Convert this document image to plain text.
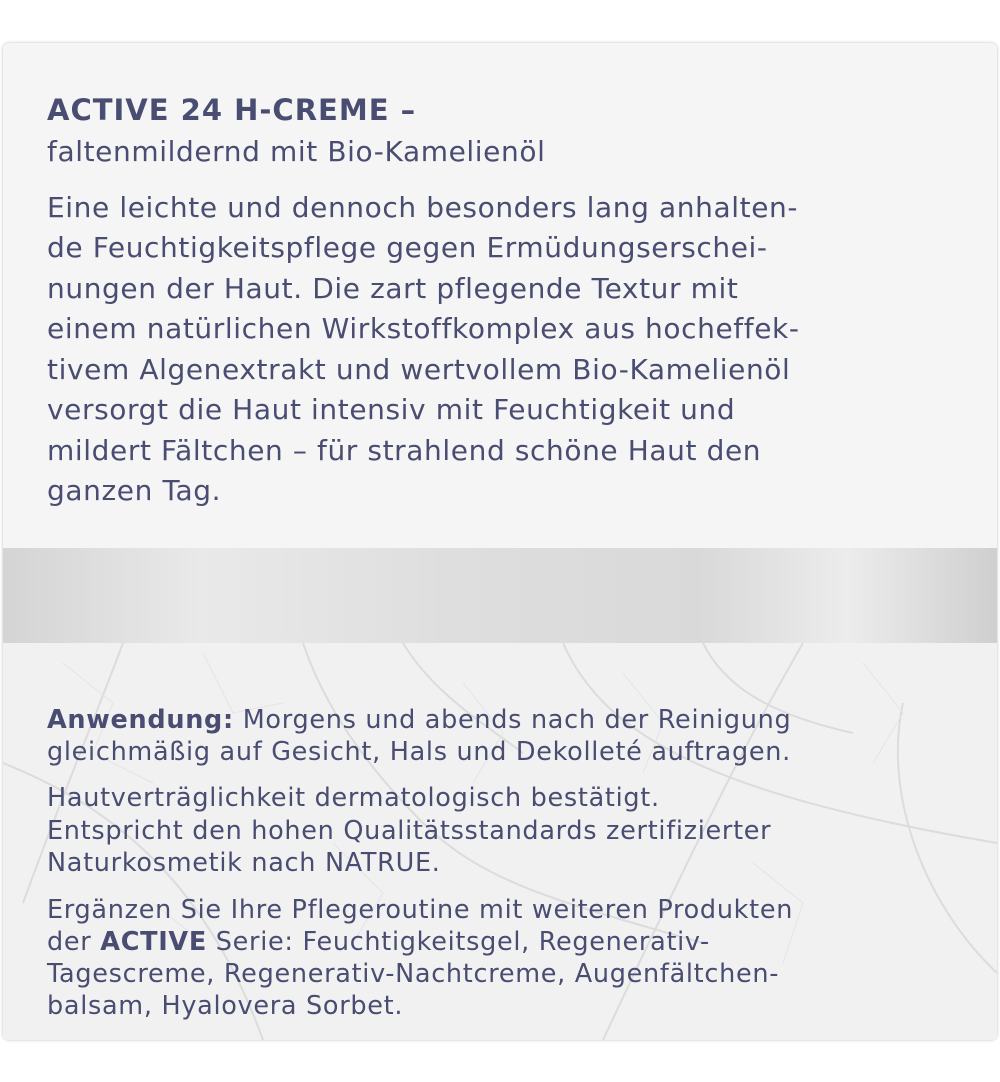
ACTIVE 24 H-CREME –
faltenmildernd mit Bio-Kamelienöl
Eine leichte und dennoch besonders lang anhalten-
de Feuchtigkeitspflege gegen Ermüdungserschei-
nungen der Haut. Die zart pflegende Textur mit
einem natürlichen Wirkstoffkomplex aus hocheffek-
tivem Algenextrakt und wertvollem Bio-Kamelienöl
versorgt die Haut intensiv mit Feuchtigkeit und
mildert Fältchen – für strahlend schöne Haut den
ganzen Tag.
Anwendung: Morgens und abends nach der Reinigung
gleichmäßig auf Gesicht, Hals und Dekolleté auftragen.
Hautverträglichkeit dermatologisch bestätigt.
Entspricht den hohen Qualitätsstandards zertifizierter
Naturkosmetik nach NATRUE.
Ergänzen Sie Ihre Pflegeroutine mit weiteren Produkten
der ACTIVE Serie: Feuchtigkeitsgel, Regenerativ-
Tagescreme, Regenerativ-Nachtcreme, Augenfältchen-
balsam, Hyalovera Sorbet.
